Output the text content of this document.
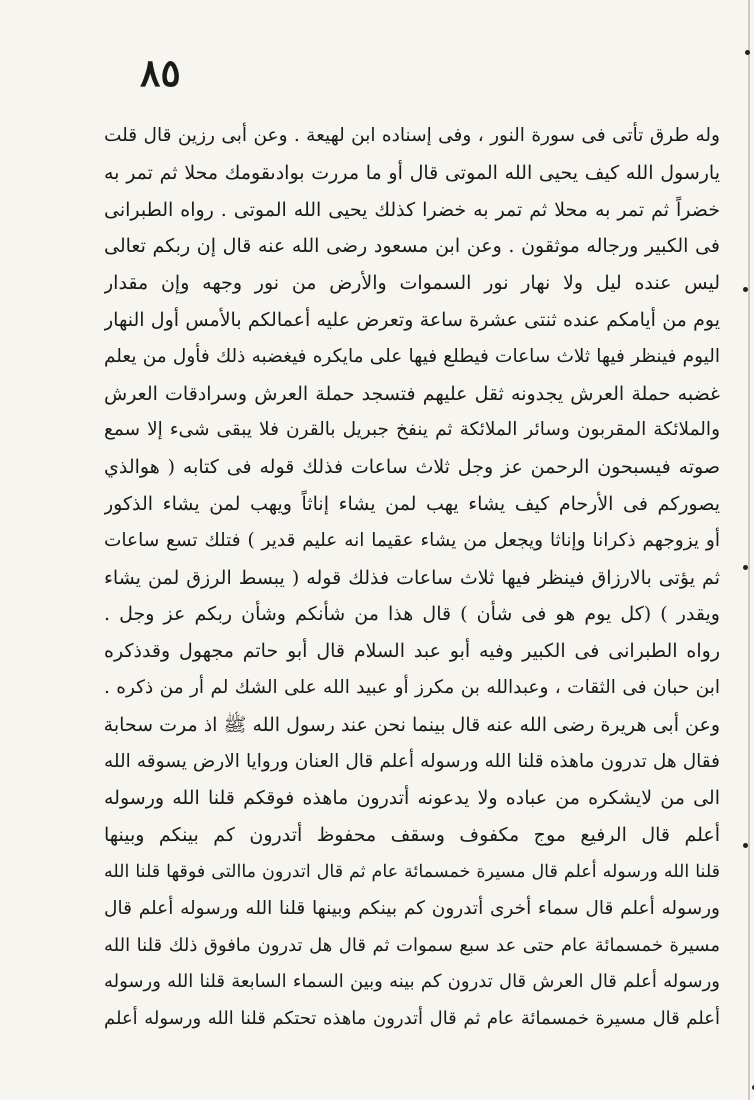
٨٥
وله طرق تأتى فى سورة النور ، وفى إسناده ابن لهيعة . وعن أبى رزين قال قلت
يارسول الله كيف يحيى الله الموتى قال أو ما مررت بوادىقومك محلا ثم تمر به
خضراً ثم تمر به محلا ثم تمر به خضرا كذلك يحيى الله الموتى . رواه الطبرانى
فى الكبير ورجاله موثقون . وعن ابن مسعود رضى الله عنه قال إن ربكم تعالى
ليس عنده ليل ولا نهار نور السموات والأرض من نور وجهه وإن مقدار
يوم من أيامكم عنده ثنتى عشرة ساعة وتعرض عليه أعمالكم بالأمس أول النهار
اليوم فينظر فيها ثلاث ساعات فيطلع فيها على مايكره فيغضبه ذلك فأول من يعلم
غضبه حملة العرش يجدونه ثقل عليهم فتسجد حملة العرش وسرادقات العرش
والملائكة المقربون وسائر الملائكة ثم ينفخ جبريل بالقرن فلا يبقى شىء إلا سمع
صوته فيسبحون الرحمن عز وجل ثلاث ساعات فذلك قوله فى كتابه ( هوالذي
يصوركم فى الأرحام كيف يشاء يهب لمن يشاء إناثاً ويهب لمن يشاء الذكور
أو يزوجهم ذكرانا وإناثا ويجعل من يشاء عقيما انه عليم قدير ) فتلك تسع ساعات
ثم يؤتى بالارزاق فينظر فيها ثلاث ساعات فذلك قوله ( يبسط الرزق لمن يشاء
ويقدر ) (كل يوم هو فى شأن ) قال هذا من شأنكم وشأن ربكم عز وجل .
رواه الطبرانى فى الكبير وفيه أبو عبد السلام قال أبو حاتم مجهول وقدذكره
ابن حبان فى الثقات ، وعبدالله بن مكرز أو عبيد الله على الشك لم أر من ذكره .
وعن أبى هريرة رضى الله عنه قال بينما نحن عند رسول الله ﷺ اذ مرت سحابة
فقال هل تدرون ماهذه قلنا الله ورسوله أعلم قال العنان وروايا الارض يسوقه الله
الى من لايشكره من عباده ولا يدعونه أتدرون ماهذه فوقكم قلنا الله ورسوله
أعلم قال الرفيع موج مكفوف وسقف محفوظ أتدرون كم بينكم وبينها
قلنا الله ورسوله أعلم قال مسيرة خمسمائة عام ثم قال اتدرون ماالتى فوقها قلنا الله
ورسوله أعلم قال سماء أخرى أتدرون كم بينكم وبينها قلنا الله ورسوله أعلم قال
مسيرة خمسمائة عام حتى عد سبع سموات ثم قال هل تدرون مافوق ذلك قلنا الله
ورسوله أعلم قال العرش قال تدرون كم بينه وبين السماء السابعة قلنا الله ورسوله
أعلم قال مسيرة خمسمائة عام ثم قال أتدرون ماهذه تحتكم قلنا الله ورسوله أعلم
